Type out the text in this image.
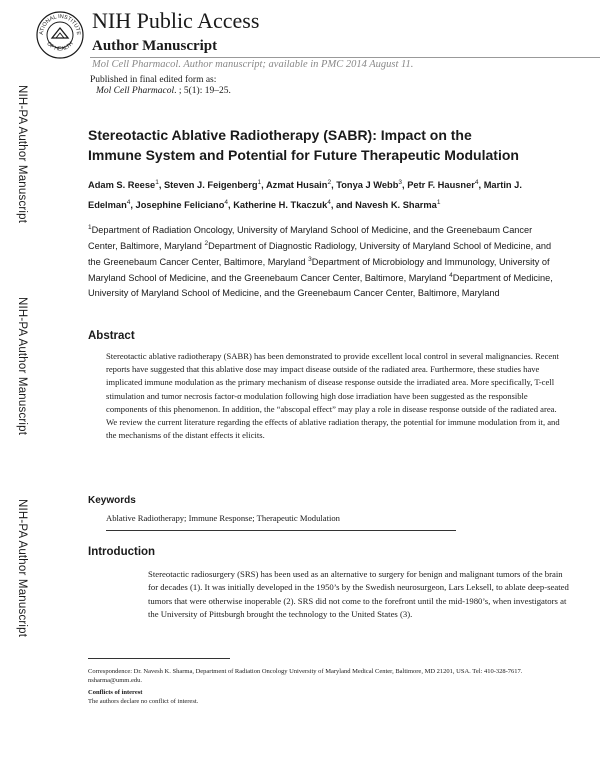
ATIONAL INSTITUTE
OF HEALTH
NIH Public Access
Author Manuscript
Mol Cell Pharmacol. Author manuscript; available in PMC 2014 August 11.
Published in final edited form as:
Mol Cell Pharmacol. ; 5(1): 19–25.
NIH-PA Author Manuscript
NIH-PA Author Manuscript
NIH-PA Author Manuscript
Stereotactic Ablative Radiotherapy (SABR): Impact on the
Immune System and Potential for Future Therapeutic Modulation
Adam S. Reese$^1$, Steven J. Feigenberg$^1$, Azmat Husain$^2$, Tonya J Webb$^3$, Petr F. Hausner$^4$, Martin J. Edelman$^4$, Josephine Feliciano$^4$, Katherine H. Tkaczuk$^4$, and Navesh K. Sharma$^1$
$^1$Department of Radiation Oncology, University of Maryland School of Medicine, and the Greenebaum Cancer Center, Baltimore, Maryland $^2$Department of Diagnostic Radiology, University of Maryland School of Medicine, and the Greenebaum Cancer Center, Baltimore, Maryland $^3$Department of Microbiology and Immunology, University of Maryland School of Medicine, and the Greenebaum Cancer Center, Baltimore, Maryland $^4$Department of Medicine, University of Maryland School of Medicine, and the Greenebaum Cancer Center, Baltimore, Maryland
Abstract
Stereotactic ablative radiotherapy (SABR) has been demonstrated to provide excellent local control in several malignancies. Recent reports have suggested that this ablative dose may impact disease outside of the radiated area. Furthermore, these studies have implicated immune modulation as the primary mechanism of disease response outside the irradiated area. More specifically, T-cell stimulation and tumor necrosis factor-α modulation following high dose irradiation have been suggested as the responsible components of this phenomenon. In addition, the “abscopal effect” may play a role in disease response outside of the radiated area. We review the current literature regarding the effects of ablative radiation therapy, the potential for immune modulation from it, and the mechanisms of the distant effects it elicits.
Keywords
Ablative Radiotherapy; Immune Response; Therapeutic Modulation
Introduction
Stereotactic radiosurgery (SRS) has been used as an alternative to surgery for benign and malignant tumors of the brain for decades (1). It was initially developed in the 1950’s by the Swedish neurosurgeon, Lars Leksell, to ablate deep-seated tumors that were otherwise inoperable (2). SRS did not come to the forefront until the mid-1980’s, when investigators at the University of Pittsburgh brought the technology to the United States (3).
Correspondence: Dr. Navesh K. Sharma, Department of Radiation Oncology University of Maryland Medical Center, Baltimore, MD 21201, USA. Tel: 410-328-7617. nsharma@umm.edu.
Conflicts of interest
The authors declare no conflict of interest.
